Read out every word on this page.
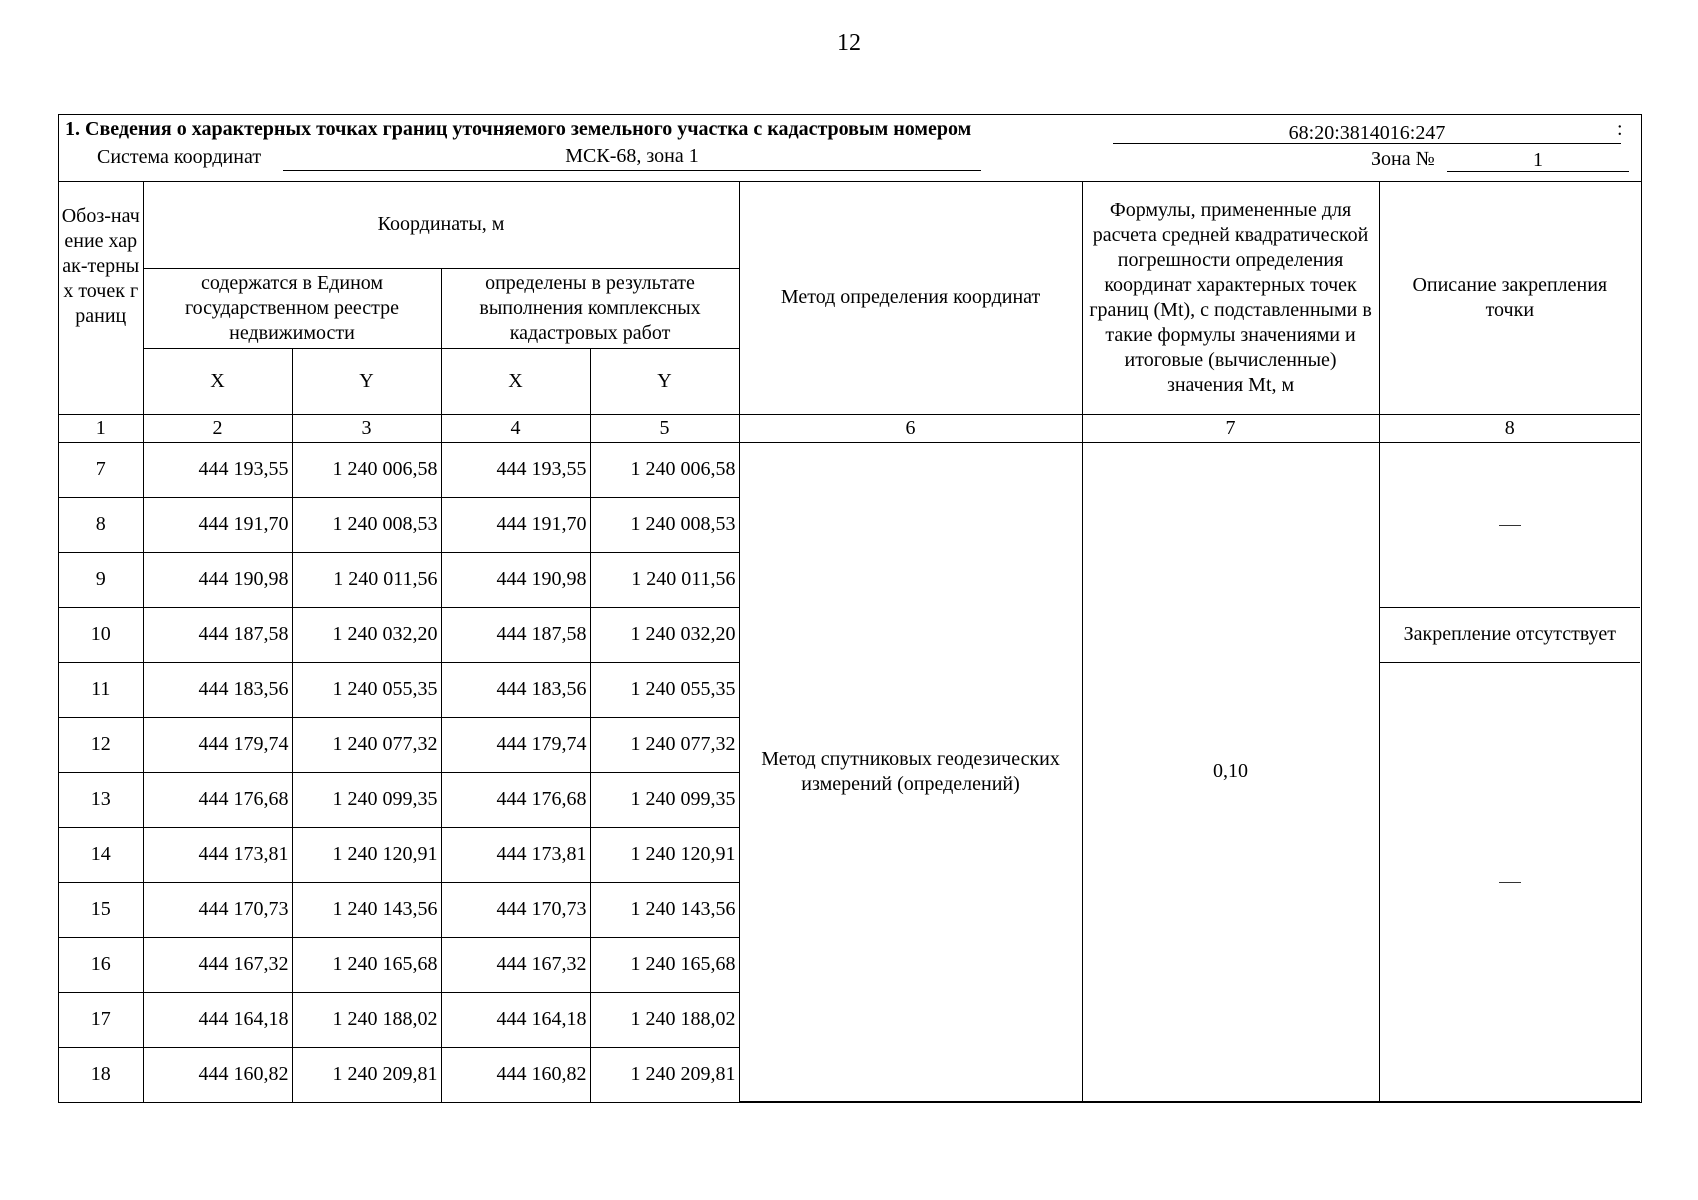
12
1. Сведения о характерных точках границ уточняемого земельного участка с кадастровым номером	68:20:3814016:247	:
Система координат	МСК-68, зона 1	Зона №	1
Обоз-начение харак-терных точек границ	Координаты, м				Метод определения координат	Формулы, примененные для расчета средней квадратической погрешности определения координат характерных точек границ (Mt), с подставленными в такие формулы значениями и итоговые (вычисленные) значения Mt, м	Описание закрепления точки
	содержатся в Едином государственном реестре недвижимости		определены в результате выполнения комплексных кадастровых работ				
	X	Y	X	Y			
1	2	3	4	5	6	7	8
7	444 193,55	1 240 006,58	444 193,55	1 240 006,58	Метод спутниковых геодезических измерений (определений)	0,10	
8	444 191,70	1 240 008,53	444 191,70	1 240 008,53			
9	444 190,98	1 240 011,56	444 190,98	1 240 011,56			
10	444 187,58	1 240 032,20	444 187,58	1 240 032,20			Закрепление отсутствует
11	444 183,56	1 240 055,35	444 183,56	1 240 055,35			
12	444 179,74	1 240 077,32	444 179,74	1 240 077,32			
13	444 176,68	1 240 099,35	444 176,68	1 240 099,35			
14	444 173,81	1 240 120,91	444 173,81	1 240 120,91			
15	444 170,73	1 240 143,56	444 170,73	1 240 143,56			
16	444 167,32	1 240 165,68	444 167,32	1 240 165,68			
17	444 164,18	1 240 188,02	444 164,18	1 240 188,02			
18	444 160,82	1 240 209,81	444 160,82	1 240 209,81			
